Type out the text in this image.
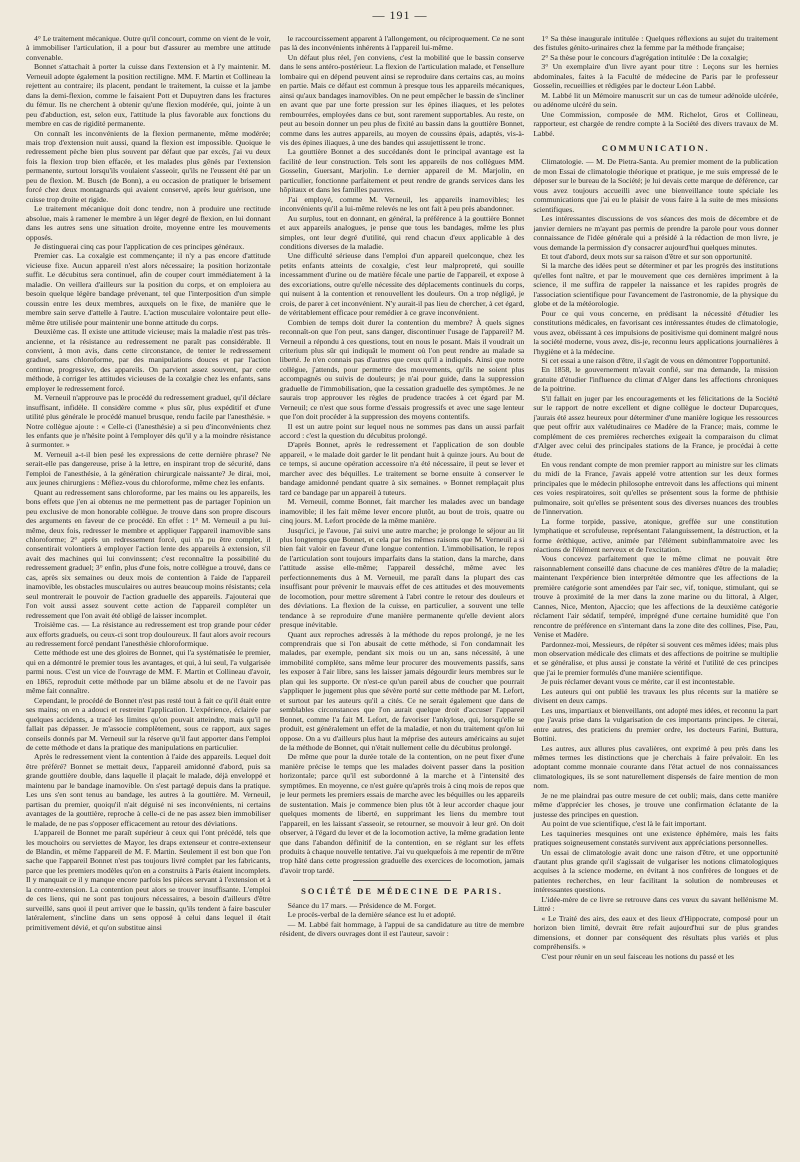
— 191 —

4° Le traitement mécanique. Outre qu'il concourt, comme on vient de le voir, à immobiliser l'articulation, il a pour but d'assurer au membre une attitude convenable.

Bonnet s'attachait à porter la cuisse dans l'extension et à l'y maintenir. M. Verneuil adopte également la position rectiligne. MM. F. Martin et Collineau la rejettent au contraire; ils placent, pendant le traitement, la cuisse et la jambe dans la demi-flexion, comme le faisaient Pott et Dupuytren dans les fractures du fémur. Ils ne cherchent à obtenir qu'une flexion modérée, qui, jointe à un peu d'abduction, est, selon eux, l'attitude la plus favorable aux fonctions du membre en cas de rigidité permanente.

On connaît les inconvénients de la flexion permanente, même modérée; mais trop d'extension nuit aussi, quand la flexion est impossible. Quoique le redressement pèche bien plus souvent par défaut que par excès, j'ai vu deux fois la flexion trop bien effacée, et les malades plus gênés par l'extension permanente, surtout lorsqu'ils voulaient s'asseoir, qu'ils ne l'eussent été par un peu de flexion. M. Busch (de Bonn), a eu occasion de pratiquer le brisement forcé chez deux montagnards qui avaient conservé, après leur guérison, une cuisse trop droite et rigide.

Le traitement mécanique doit donc tendre, non à produire une rectitude absolue, mais à ramener le membre à un léger degré de flexion, en lui donnant dans les autres sens une situation droite, moyenne entre les mouvements opposés.

Je distinguerai cinq cas pour l'application de ces principes généraux.

Premier cas. La coxalgie est commençante; il n'y a pas encore d'attitude vicieuse fixe. Aucun appareil n'est alors nécessaire; la position horizontale suffit. Le décubitus sera continuel, afin de couper court immédiatement à la maladie. On veillera d'ailleurs sur la position du corps, et on emploiera au besoin quelque légère bandage prévenant, tel que l'interposition d'un simple coussin entre les deux membres, auxquels on le fixe, de manière que le membre sain serve d'attelle à l'autre. L'action musculaire volontaire peut elle-même être utilisée pour maintenir une bonne attitude du corps.

Deuxième cas. Il existe une attitude vicieuse; mais la maladie n'est pas très-ancienne, et la résistance au redressement ne paraît pas considérable. Il convient, à mon avis, dans cette circonstance, de tenter le redressement graduel, sans chloroforme, par des manipulations douces et par l'action continue, progressive, des appareils. On parvient assez souvent, par cette méthode, à corriger les attitudes vicieuses de la coxalgie chez les enfants, sans employer le redressement forcé.

M. Verneuil n'approuve pas le procédé du redressement graduel, qu'il déclare insuffisant, infidèle. Il considère comme « plus sûr, plus expéditif et d'une utilité plus générale le procédé manuel brusque, rendu facile par l'anesthésie. » Notre collègue ajoute : « Celle-ci (l'anesthésie) a si peu d'inconvénients chez les enfants que je n'hésite point à l'employer dès qu'il y a la moindre résistance à surmonter. »

M. Verneuil a-t-il bien pesé les expressions de cette dernière phrase? Ne serait-elle pas dangereuse, prise à la lettre, en inspirant trop de sécurité, dans l'emploi de l'anesthésie, à la génération chirurgicale naissante? Je dirai, moi, aux jeunes chirurgiens : Méfiez-vous du chloroforme, même chez les enfants.

Quant au redressement sans chloroforme, par les mains ou les appareils, les bons effets que j'en ai obtenus ne me permettent pas de partager l'opinion un peu exclusive de mon honorable collègue. Je trouve dans son propre discours des arguments en faveur de ce procédé. En effet : 1° M. Verneuil a pu lui-même, deux fois, redresser le membre et appliquer l'appareil inamovible sans chloroforme; 2° après un redressement forcé, qui n'a pu être complet, il consentirait volontiers à employer l'action lente des appareils à extension, s'il avait des machines qui lui convinssent; c'est reconnaître la possibilité du redressement graduel; 3° enfin, plus d'une fois, notre collègue a trouvé, dans ce cas, après six semaines ou deux mois de contention à l'aide de l'appareil inamovible, les obstacles musculaires ou autres beaucoup moins résistants; cela seul montrerait le pouvoir de l'action graduelle des appareils. J'ajouterai que l'on voit aussi assez souvent cette action de l'appareil compléter un redressement que l'on avait été obligé de laisser incomplet.

Troisième cas. — La résistance au redressement est trop grande pour céder aux efforts graduels, ou ceux-ci sont trop douloureux. Il faut alors avoir recours au redressement forcé pendant l'anesthésie chloroformique.

Cette méthode est une des gloires de Bonnet, qui l'a systématisée le premier, qui en a démontré le premier tous les avantages, et qui, à lui seul, l'a vulgarisée parmi nous. C'est un vice de l'ouvrage de MM. F. Martin et Collineau d'avoir, en 1865, reproduit cette méthode par un blâme absolu et de ne l'avoir pas même fait connaître.

Cependant, le procédé de Bonnet n'est pas resté tout à fait ce qu'il était entre ses mains; on en a adouci et restreint l'application. L'expérience, éclairée par quelques accidents, a tracé les limites qu'on pouvait atteindre, mais qu'il ne fallait pas dépasser. Je m'associe complètement, sous ce rapport, aux sages conseils donnés par M. Verneuil sur la réserve qu'il faut apporter dans l'emploi de cette méthode et dans la pratique des manipulations en particulier.

Après le redressement vient la contention à l'aide des appareils. Lequel doit être préféré? Bonnet se mettait deux, l'appareil amidonné d'abord, puis sa grande gouttière double, dans laquelle il plaçait le malade, déjà enveloppé et maintenu par le bandage inamovible. On s'est partagé depuis dans la pratique. Les uns s'en sont tenus au bandage, les autres à la gouttière. M. Verneuil, partisan du premier, quoiqu'il n'ait déguisé ni ses inconvénients, ni certains avantages de la gouttière, reproche à celle-ci de ne pas assez bien immobiliser le malade, de ne pas s'opposer efficacement au retour des déviations.

L'appareil de Bonnet me paraît supérieur à ceux qui l'ont précédé, tels que les mouchoirs ou serviettes de Mayor, les draps extenseur et contre-extenseur de Blandin, et même l'appareil de M. F. Martin. Seulement il est bon que l'on sache que l'appareil Bonnet n'est pas toujours livré complet par les fabricants, parce que les premiers modèles qu'on en a construits à Paris étaient incomplets. Il y manquait ce il y manque encore parfois les pièces servant à l'extension et à la contre-extension. La contention peut alors se trouver insuffisante. L'emploi de ces liens, qui ne sont pas toujours nécessaires, a besoin d'ailleurs d'être surveillé, sans quoi il peut arriver que le bassin, qu'ils tendent à faire basculer latéralement, s'incline dans un sens opposé à celui dans lequel il était primitivement dévié, et qu'on substitue ainsi

le raccourcissement apparent à l'allongement, ou réciproquement. Ce ne sont pas là des inconvénients inhérents à l'appareil lui-même.

Un défaut plus réel, j'en conviens, c'est la mobilité que le bassin conserve dans le sens antéro-postérieur. La flexion de l'articulation malade, et l'ensellure lombaire qui en dépend peuvent ainsi se reproduire dans certains cas, au moins en partie. Mais ce défaut est commun à presque tous les appareils mécaniques, ainsi qu'aux bandages inamovibles. On ne peut empêcher le bassin de s'incliner en avant que par une forte pression sur les épines iliaques, et les pelotes rembourrées, employées dans ce but, sont rarement supportables. Au reste, on peut au besoin donner un peu plus de fixité au bassin dans la gouttière Bonnet, comme dans les autres appareils, au moyen de coussins épais, adaptés, vis-à-vis des épines iliaques, à une des bandes qui assujettissent le tronc.

La gouttière Bonnet a des succédanés dont le principal avantage est la facilité de leur construction. Tels sont les appareils de nos collègues MM. Gosselin, Guersant, Marjolin. Le dernier appareil de M. Marjolin, en particulier, fonctionne parfaitement et peut rendre de grands services dans les hôpitaux et dans les familles pauvres.

J'ai employé, comme M. Verneuil, les appareils inamovibles; les inconvénients qu'il a lui-même relevés ne les ont fait à peu près abandonner.

Au surplus, tout en donnant, en général, la préférence à la gouttière Bonnet et aux appareils analogues, je pense que tous les bandages, même les plus simples, ont leur degré d'utilité, qui rend chacun d'eux applicable à des conditions diverses de la maladie.

Une difficulté sérieuse dans l'emploi d'un appareil quelconque, chez les petits enfants atteints de coxalgie, c'est leur malpropreté, qui souille incessamment d'urine ou de matière fécale une partie de l'appareil, et expose à des excoriations, outre qu'elle nécessite des déplacements continuels du corps, qui nuisent à la contention et renouvellent les douleurs. On a trop négligé, je crois, de parer à cet inconvénient. N'y aurait-il pas lieu de chercher, à cet égard, de véritablement efficace pour remédier à ce grave inconvénient.

Combien de temps doit durer la contention du membre? À quels signes reconnaît-on que l'on peut, sans danger, discontinuer l'usage de l'appareil? M. Verneuil a répondu à ces questions, tout en nous le posant. Mais il voudrait un criterium plus sûr qui indiquât le moment où l'on peut rendre au malade sa liberté. Je n'en connais pas d'autres que ceux qu'il a indiqués. Ainsi que notre collègue, j'attends, pour permettre des mouvements, qu'ils ne soient plus accompagnés ou suivis de douleurs; je n'ai pour guide, dans la suppression graduelle de l'immobilisation, que la cessation graduelle des symptômes. Je ne saurais trop approuver les règles de prudence tracées à cet égard par M. Verneuil; ce n'est que sous forme d'essais progressifs et avec une sage lenteur que l'on doit procéder à la suppression des moyens contentifs.

Il est un autre point sur lequel nous ne sommes pas dans un aussi parfait accord : c'est la question du décubitus prolongé.

D'après Bonnet, après le redressement et l'application de son double appareil, « le malade doit garder le lit pendant huit à quinze jours. Au bout de ce temps, si aucune opération accessoire n'a été nécessaire, il peut se lever et marcher avec des béquilles. Le traitement se borne ensuite à conserver le bandage amidonné pendant quatre à six semaines. » Bonnet remplaçait plus tard ce bandage par un appareil à tuteurs.

M. Verneuil, comme Bonnet, fait marcher les malades avec un bandage inamovible; il les fait même lever encore plutôt, au bout de trois, quatre ou cinq jours. M. Lefort procède de la même manière.

Jusqu'ici, je l'avoue, j'ai suivi une autre marche; je prolonge le séjour au lit plus longtemps que Bonnet, et cela par les mêmes raisons que M. Verneuil a si bien fait valoir en faveur d'une longue contention. L'immobilisation, le repos de l'articulation sont toujours imparfaits dans la station, dans la marche, dans l'attitude assise elle-même; l'appareil desséché, même avec les perfectionnements dus à M. Verneuil, me paraît dans la plupart des cas insuffisant pour prévenir le mauvais effet de ces attitudes et des mouvements de locomotion, pour mettre sûrement à l'abri contre le retour des douleurs et des déviations. La flexion de la cuisse, en particulier, a souvent une telle tendance à se reproduire d'une manière permanente qu'elle devient alors presque inévitable.

Quant aux reproches adressés à la méthode du repos prolongé, je ne les comprendrais que si l'on abusait de cette méthode, si l'on condamnait les malades, par exemple, pendant six mois ou un an, sans nécessité, à une immobilité complète, sans même leur procurer des mouvements passifs, sans les exposer à l'air libre, sans les laisser jamais dégourdir leurs membres sur le plan qui les supporte. Or n'est-ce qu'un pareil abus de coucher que pourrait s'appliquer le jugement plus que sévère porté sur cette méthode par M. Lefort, et surtout par les auteurs qu'il a cités. Ce ne serait également que dans de semblables circonstances que l'on aurait quelque droit d'accuser l'appareil Bonnet, comme l'a fait M. Lefort, de favoriser l'ankylose, qui, lorsqu'elle se produit, est généralement un effet de la maladie, et non du traitement qu'on lui oppose. On a vu d'ailleurs plus haut la méprise des auteurs américains au sujet de la méthode de Bonnet, qui n'était nullement celle du décubitus prolongé.

De même que pour la durée totale de la contention, on ne peut fixer d'une manière précise le temps que les malades doivent passer dans la position horizontale; parce qu'il est subordonné à la marche et à l'intensité des symptômes. En moyenne, ce n'est guère qu'après trois à cinq mois de repos que je leur permets les premiers essais de marche avec les béquilles ou les appareils de sustentation. Mais je commence bien plus tôt à leur accorder chaque jour quelques moments de liberté, en supprimant les liens du membre tout l'appareil, en les laissant s'asseoir, se retourner, se mouvoir à leur gré. On doit observer, à l'égard du lever et de la locomotion active, la même gradation lente que dans l'abandon définitif de la contention, en se réglant sur les effets produits à chaque nouvelle tentative. J'ai vu quelquefois à me repentir de m'être trop hâté dans cette progression graduelle des exercices de locomotion, jamais d'avoir trop tardé.

SOCIÉTÉ DE MÉDECINE DE PARIS.

Séance du 17 mars. — Présidence de M. Forget.

Le procès-verbal de la dernière séance est lu et adopté.

— M. Labbé fait hommage, à l'appui de sa candidature au titre de membre résident, de divers ouvrages dont il est l'auteur, savoir :

1° Sa thèse inaugurale intitulée : Quelques réflexions au sujet du traitement des fistules génito-urinaires chez la femme par la méthode française;

2° Sa thèse pour le concours d'agrégation intitulée : De la coxalgie;

3° Un exemplaire d'un livre ayant pour titre : Leçons sur les hernies abdominales, faites à la Faculté de médecine de Paris par le professeur Gosselin, recueillies et rédigées par le docteur Léon Labbé.

M. Labbé lit un Mémoire manuscrit sur un cas de tumeur adénoïde ulcérée, ou adénome ulcéré du sein.

Une Commission, composée de MM. Richelot, Gros et Collineau, rapporteur, est chargée de rendre compte à la Société des divers travaux de M. Labbé.

COMMUNICATION.

Climatologie. — M. De Pietra-Santa. Au premier moment de la publication de mon Essai de climatologie théorique et pratique, je me suis empressé de le déposer sur le bureau de la Société; je lui devais cette marque de déférence, car vous avez toujours accueilli avec une bienveillance toute spéciale les communications que j'ai eu le plaisir de vous faire à la suite de mes missions scientifiques.

Les intéressantes discussions de vos séances des mois de décembre et de janvier derniers ne m'ayant pas permis de prendre la parole pour vous donner connaissance de l'idée générale qui a présidé à la rédaction de mon livre, je vous demande la permission d'y consacrer aujourd'hui quelques minutes.

Et tout d'abord, deux mots sur sa raison d'être et sur son opportunité.

Si la marche des idées peut se déterminer et par les progrès des institutions qu'elles font naître, et par le mouvement que ces dernières impriment à la science, il me suffira de rappeler la naissance et les rapides progrès de l'association scientifique pour l'avancement de l'astronomie, de la physique du globe et de la météorologie.

Pour ce qui vous concerne, en prédisant la nécessité d'étudier les constitutions médicales, en favorisant ces intéressantes études de climatologie, vous avez, obéissant à ces impulsions de positivisme qui dominent malgré nous la société moderne, vous avez, dis-je, reconnu leurs applications journalières à l'hygiène et à la médecine.

Si cet essai a une raison d'être, il s'agit de vous en démontrer l'opportunité.

En 1858, le gouvernement m'avait confié, sur ma demande, la mission gratuite d'étudier l'influence du climat d'Alger dans les affections chroniques de la poitrine.

S'il fallait en juger par les encouragements et les félicitations de la Société sur le rapport de notre excellent et digne collègue le docteur Duparcques, j'aurais été assez heureux pour déterminer d'une manière logique les ressources que peut offrir aux valétudinaires ce Madère de la France; mais, comme le complément de ces premières recherches exigeait la comparaison du climat d'Alger avec celui des principales stations de la France, je procédai à cette étude.

En vous rendant compte de mon premier rapport au ministre sur les climats du midi de la France, j'avais appelé votre attention sur les deux formes principales que le médecin philosophe entrevoit dans les affections qui minent ces voies respiratoires, soit qu'elles se présentent sous la forme de phthisie pulmonaire, soit qu'elles se présentent sous des diverses nuances des troubles de l'innervation.

La forme torpide, passive, atonique, greffée sur une constitution lymphatique et scrofuleuse, représentant l'alanguissement, la déstruction, et la forme éréthique, active, animée par l'élément subinflammatoire avec les réactions de l'élément nerveux et de l'excitation.

Vous concevez parfaitement que le même climat ne pouvait être raisonnablement conseillé dans chacune de ces manières d'être de la maladie; maintenant l'expérience bien interprétée démontre que les affections de la première catégorie sont amendées par l'air sec, vif, tonique, stimulant, qui se trouve à proximité de la mer dans la zone marine ou du littoral, à Alger, Cannes, Nice, Menton, Ajaccio; que les affections de la deuxième catégorie réclament l'air sédatif, tempéré, imprégné d'une certaine humidité que l'on rencontre de préférence en s'internant dans la zone dite des collines, Pise, Pau, Venise et Madère.

Pardonnez-moi, Messieurs, de répéter si souvent ces mêmes idées; mais plus mon observation médicale des climats et des affections de poitrine se multiplie et se généralise, et plus aussi je constate la vérité et l'utilité de ces principes que j'ai le premier formulés d'une manière scientifique.

Je puis réclamer devant vous ce mérite, car il est incontestable.

Les auteurs qui ont publié les travaux les plus récents sur la matière se divisent en deux camps.

Les uns, impartiaux et bienveillants, ont adopté mes idées, et reconnu la part que j'avais prise dans la vulgarisation de ces importants principes. Je citerai, entre autres, des praticiens du premier ordre, les docteurs Farini, Buttura, Bottini.

Les autres, aux allures plus cavalières, ont exprimé à peu près dans les mêmes termes les distinctions que je cherchais à faire prévaloir. En les adoptant comme monnaie courante dans l'état actuel de nos connaissances climatologiques, ils se sont naturellement dispensés de faire mention de mon nom.

Je ne me plaindrai pas outre mesure de cet oubli; mais, dans cette manière même d'apprécier les choses, je trouve une confirmation éclatante de la justesse des principes en question.

Au point de vue scientifique, c'est là le fait important.

Les taquineries mesquines ont une existence éphémère, mais les faits pratiques soigneusement constatés survivent aux appréciations personnelles.

Un essai de climatologie avait donc une raison d'être, et une opportunité d'autant plus grande qu'il s'agissait de vulgariser les notions climatologiques acquises à la science moderne, en évitant à nos confrères de longues et de patientes recherches, en leur facilitant la solution de nombreuses et intéressantes questions.

L'idée-mère de ce livre se retrouve dans ces vœux du savant hellénisme M. Littré :

« Le Traité des airs, des eaux et des lieux d'Hippocrate, composé pour un horizon bien limité, devrait être refait aujourd'hui sur de plus grandes dimensions, et donner par conséquent des résultats plus variés et plus compréhensifs. »

C'est pour réunir en un seul faisceau les notions du passé et les
